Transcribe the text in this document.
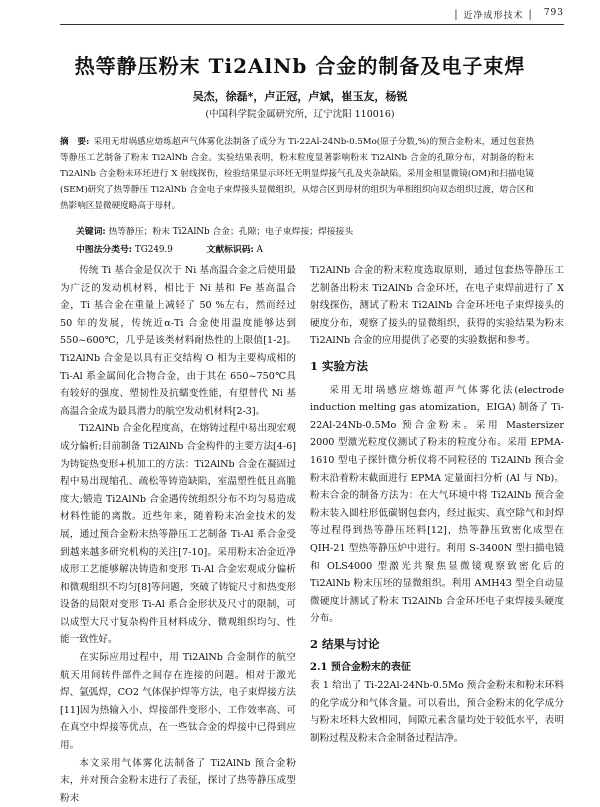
│ 近净成形技术 │ 793
热等静压粉末 Ti2AlNb 合金的制备及电子束焊
吴杰，徐磊*，卢正冠，卢斌，崔玉友，杨锐
(中国科学院金属研究所，辽宁沈阳 110016)
摘　要: 采用无坩埚感应熔炼超声气体雾化法制备了成分为 Ti-22Al-24Nb-0.5Mo(原子分数,%)的预合金粉末，通过包套热等静压工艺制备了粉末 Ti2AlNb 合金。实验结果表明，粉末粒度显著影响粉末 Ti2AlNb 合金的孔隙分布，对制备的粉末 Ti2AlNb 合金粉末环坯进行 X 射线探伤，检验结果显示环坯无明显焊接气孔及夹杂缺陷。采用金相显微镜(OM)和扫描电镜(SEM)研究了热等静压 Ti2AlNb 合金电子束焊接头显微组织，从熔合区到母材的组织为单相组织向双态组织过渡，熔合区和热影响区显微硬度略高于母材。
关键词: 热等静压；粉末 Ti2AlNb 合金；孔隙；电子束焊接；焊接接头
中图法分类号: TG249.9	文献标识码: A

传统 Ti 基合金是仅次于 Ni 基高温合金之后使用最为广泛的发动机材料，相比于 Ni 基和 Fe 基高温合金，Ti 基合金在重量上减轻了 50 %左右，然而经过 50 年的发展，传统近α-Ti 合金使用温度能够达到 550~600℃，几乎是该类材料耐热性的上限值[1-2]。Ti2AlNb 合金是以具有正交结构 O 相为主要构成相的 Ti-Al 系金属间化合物合金，由于其在 650~750℃具有较好的强度、塑韧性及抗蠕变性能，有望替代 Ni 基高温合金成为最具潜力的航空发动机材料[2-3]。

Ti2AlNb 合金化程度高，在熔铸过程中易出现宏观成分偏析;目前制备 Ti2AlNb 合金构件的主要方法[4-6]为铸锭热变形+机加工的方法：Ti2AlNb 合金在凝固过程中易出现缩孔、疏松等铸造缺陷，室温塑性低且高脆度大;锻造 Ti2AlNb 合金遇传统组织分布不均匀易造成材料性能的离散。近些年来，随着粉末冶金技术的发展，通过预合金粉末热等静压工艺制备 Ti-Al 系合金受到越来越多研究机构的关注[7-10]。采用粉末冶金近净成形工艺能够解决铸造和变形 Ti-Al 合金宏观成分偏析和微观组织不均匀[8]等问题，突破了铸锭尺寸和热变形设备的局限对变形 Ti-Al 系合金形状及尺寸的限制，可以成型大尺寸复杂构件且材料成分、微观组织均匀、性能一致性好。

在实际应用过程中，用 Ti2AlNb 合金制作的航空航天用间转件部件之间存在连接的问题。相对于激光焊、氩弧焊，CO2 气体保护焊等方法，电子束焊接方法[11]因为热输入小、焊接部件变形小、工作效率高、可在真空中焊接等优点，在一些钛合金的焊接中已得到应用。

本文采用气体雾化法制备了 Ti2AlNb 预合金粉末，并对预合金粉末进行了表征，探讨了热等静压成型粉末

Ti2AlNb 合金的粉末粒度选取原则，通过包套热等静压工艺制备出粉末 Ti2AlNb 合金环坯，在电子束焊前进行了 X 射线探伤，测试了粉末 Ti2AlNb 合金环坯电子束焊接头的硬度分布，观察了接头的显微组织，获得的实验结果为粉末 Ti2AlNb 合金的应用提供了必要的实验数据和参考。

1 实验方法

采用无坩埚感应熔炼超声气体雾化法(electrode induction melting gas atomization，EIGA) 制备了 Ti-22Al-24Nb-0.5Mo 预合金粉末。采用 Mastersizer 2000 型激光粒度仪测试了粉末的粒度分布。采用 EPMA-1610 型电子探针微分析仪将不同粒径的 Ti2AlNb 预合金粉末沿着粉末截面进行 EPMA 定量面扫分析 (Al 与 Nb)。粉末合金的制备方法为：在大气环境中将 Ti2AlNb 预合金粉末装入圆柱形低碳钢包套内，经过振实、真空除气和封焊等过程得到热等静压坯料[12]，热等静压致密化成型在 QIH-21 型热等静压炉中进行。利用 S-3400N 型扫描电镜和 OLS4000 型激光共聚焦显微镜观察致密化后的 Ti2AlNb 粉末压坯的显微组织。利用 AMH43 型全自动显微硬度计测试了粉末 Ti2AlNb 合金环坯电子束焊接头硬度分布。

2 结果与讨论
2.1 预合金粉末的表征

表 1 给出了 Ti-22Al-24Nb-0.5Mo 预合金粉末和粉末环料的化学成分和气体含量。可以看出，预合金粉末的化学成分与粉末坯料大致相同，间隙元素含量均处于较低水平，表明制粉过程及粉末合金制备过程洁净。
